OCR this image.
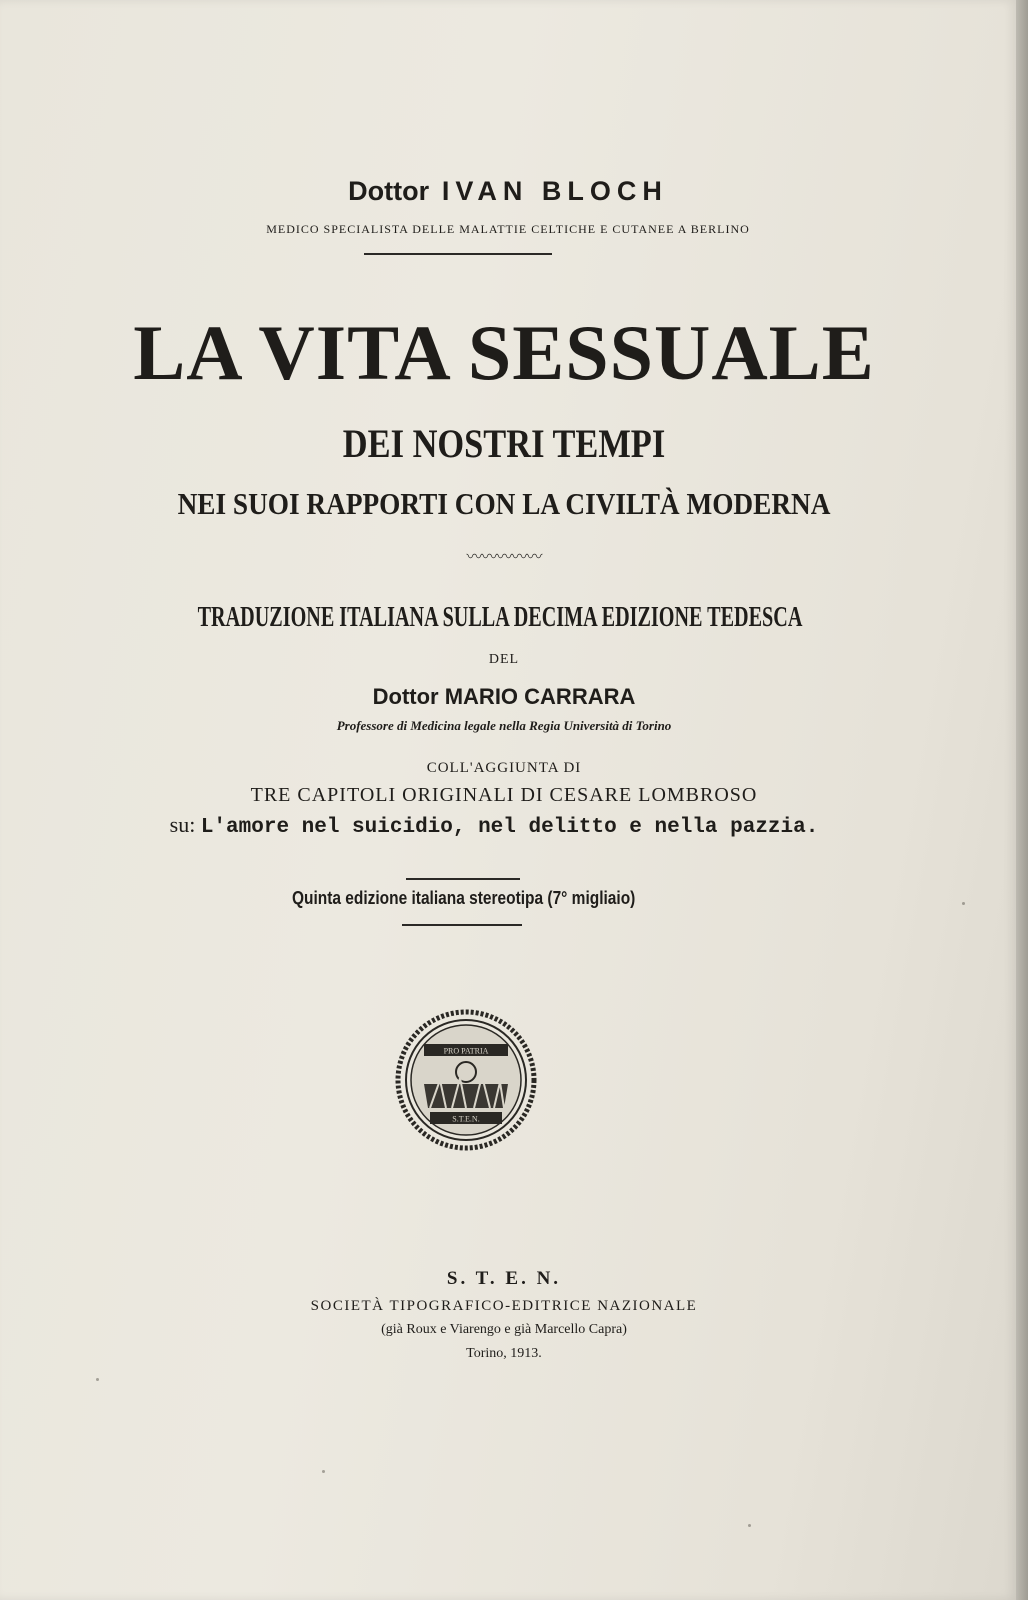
Dottor IVAN BLOCH
MEDICO SPECIALISTA DELLE MALATTIE CELTICHE E CUTANEE A BERLINO
LA VITA SESSUALE
DEI NOSTRI TEMPI
NEI SUOI RAPPORTI CON LA CIVILTÀ MODERNA
〰〰〰〰〰
TRADUZIONE ITALIANA SULLA DECIMA EDIZIONE TEDESCA
DEL
Dottor MARIO CARRARA
Professore di Medicina legale nella Regia Università di Torino
COLL'AGGIUNTA DI
TRE CAPITOLI ORIGINALI DI CESARE LOMBROSO
su: L'amore nel suicidio, nel delitto e nella pazzia.
Quinta edizione italiana stereotipa (7° migliaio)
PRO PATRIA
S.T.E.N.
S. T. E. N.
SOCIETÀ TIPOGRAFICO-EDITRICE NAZIONALE
(già Roux e Viarengo e già Marcello Capra)
Torino, 1913.
